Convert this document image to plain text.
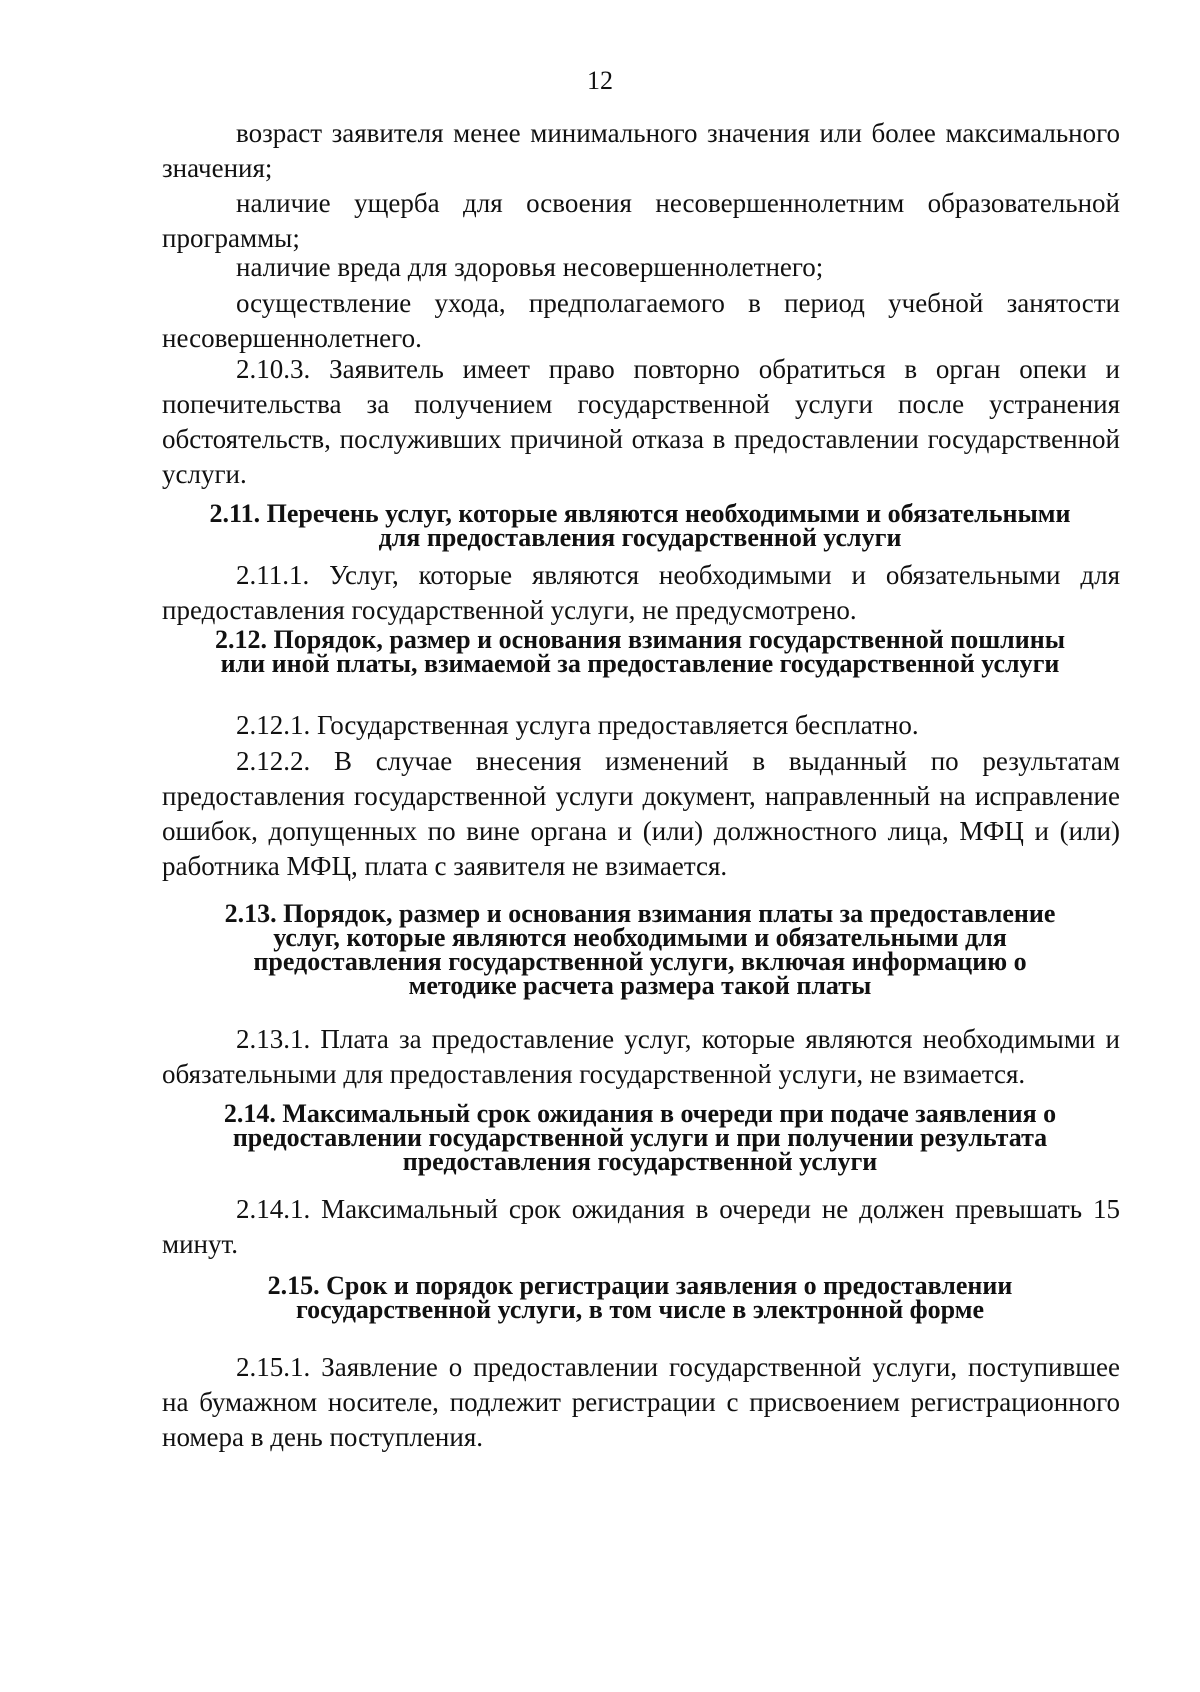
12

возраст заявителя менее минимального значения или более максимального значения;

наличие ущерба для освоения несовершеннолетним образовательной программы;

наличие вреда для здоровья несовершеннолетнего;

осуществление ухода, предполагаемого в период учебной занятости несовершеннолетнего.

2.10.3. Заявитель имеет право повторно обратиться в орган опеки и попечительства за получением государственной услуги после устранения обстоятельств, послуживших причиной отказа в предоставлении государственной услуги.

2.11. Перечень услуг, которые являются необходимыми и обязательными для предоставления государственной услуги

2.11.1. Услуг, которые являются необходимыми и обязательными для предоставления государственной услуги, не предусмотрено.

2.12. Порядок, размер и основания взимания государственной пошлины или иной платы, взимаемой за предоставление государственной услуги

2.12.1. Государственная услуга предоставляется бесплатно.

2.12.2. В случае внесения изменений в выданный по результатам предоставления государственной услуги документ, направленный на исправление ошибок, допущенных по вине органа и (или) должностного лица, МФЦ и (или) работника МФЦ, плата с заявителя не взимается.

2.13. Порядок, размер и основания взимания платы за предоставление услуг, которые являются необходимыми и обязательными для предоставления государственной услуги, включая информацию о методике расчета размера такой платы

2.13.1. Плата за предоставление услуг, которые являются необходимыми и обязательными для предоставления государственной услуги, не взимается.

2.14. Максимальный срок ожидания в очереди при подаче заявления о предоставлении государственной услуги и при получении результата предоставления государственной услуги

2.14.1. Максимальный срок ожидания в очереди не должен превышать 15 минут.

2.15. Срок и порядок регистрации заявления о предоставлении государственной услуги, в том числе в электронной форме

2.15.1. Заявление о предоставлении государственной услуги, поступившее на бумажном носителе, подлежит регистрации с присвоением регистрационного номера в день поступления.
